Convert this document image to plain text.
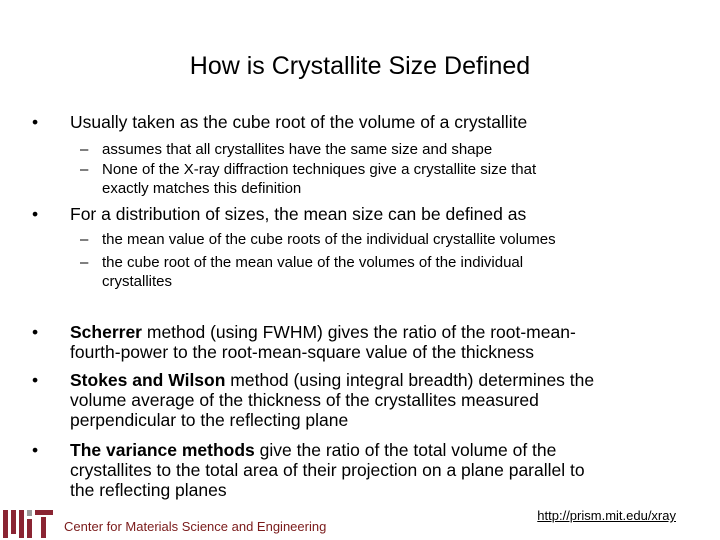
How is Crystallite Size Defined
• Usually taken as the cube root of the volume of a crystallite
– assumes that all crystallites have the same size and shape
– None of the X-ray diffraction techniques give a crystallite size that
exactly matches this definition
• For a distribution of sizes, the mean size can be defined as
– the mean value of the cube roots of the individual crystallite volumes
– the cube root of the mean value of the volumes of the individual
crystallites
• Scherrer method (using FWHM) gives the ratio of the root-mean-
fourth-power to the root-mean-square value of the thickness
• Stokes and Wilson method (using integral breadth) determines the
volume average of the thickness of the crystallites measured
perpendicular to the reflecting plane
• The variance methods give the ratio of the total volume of the
crystallites to the total area of their projection on a plane parallel to
the reflecting planes
Center for Materials Science and Engineering
http://prism.mit.edu/xray
